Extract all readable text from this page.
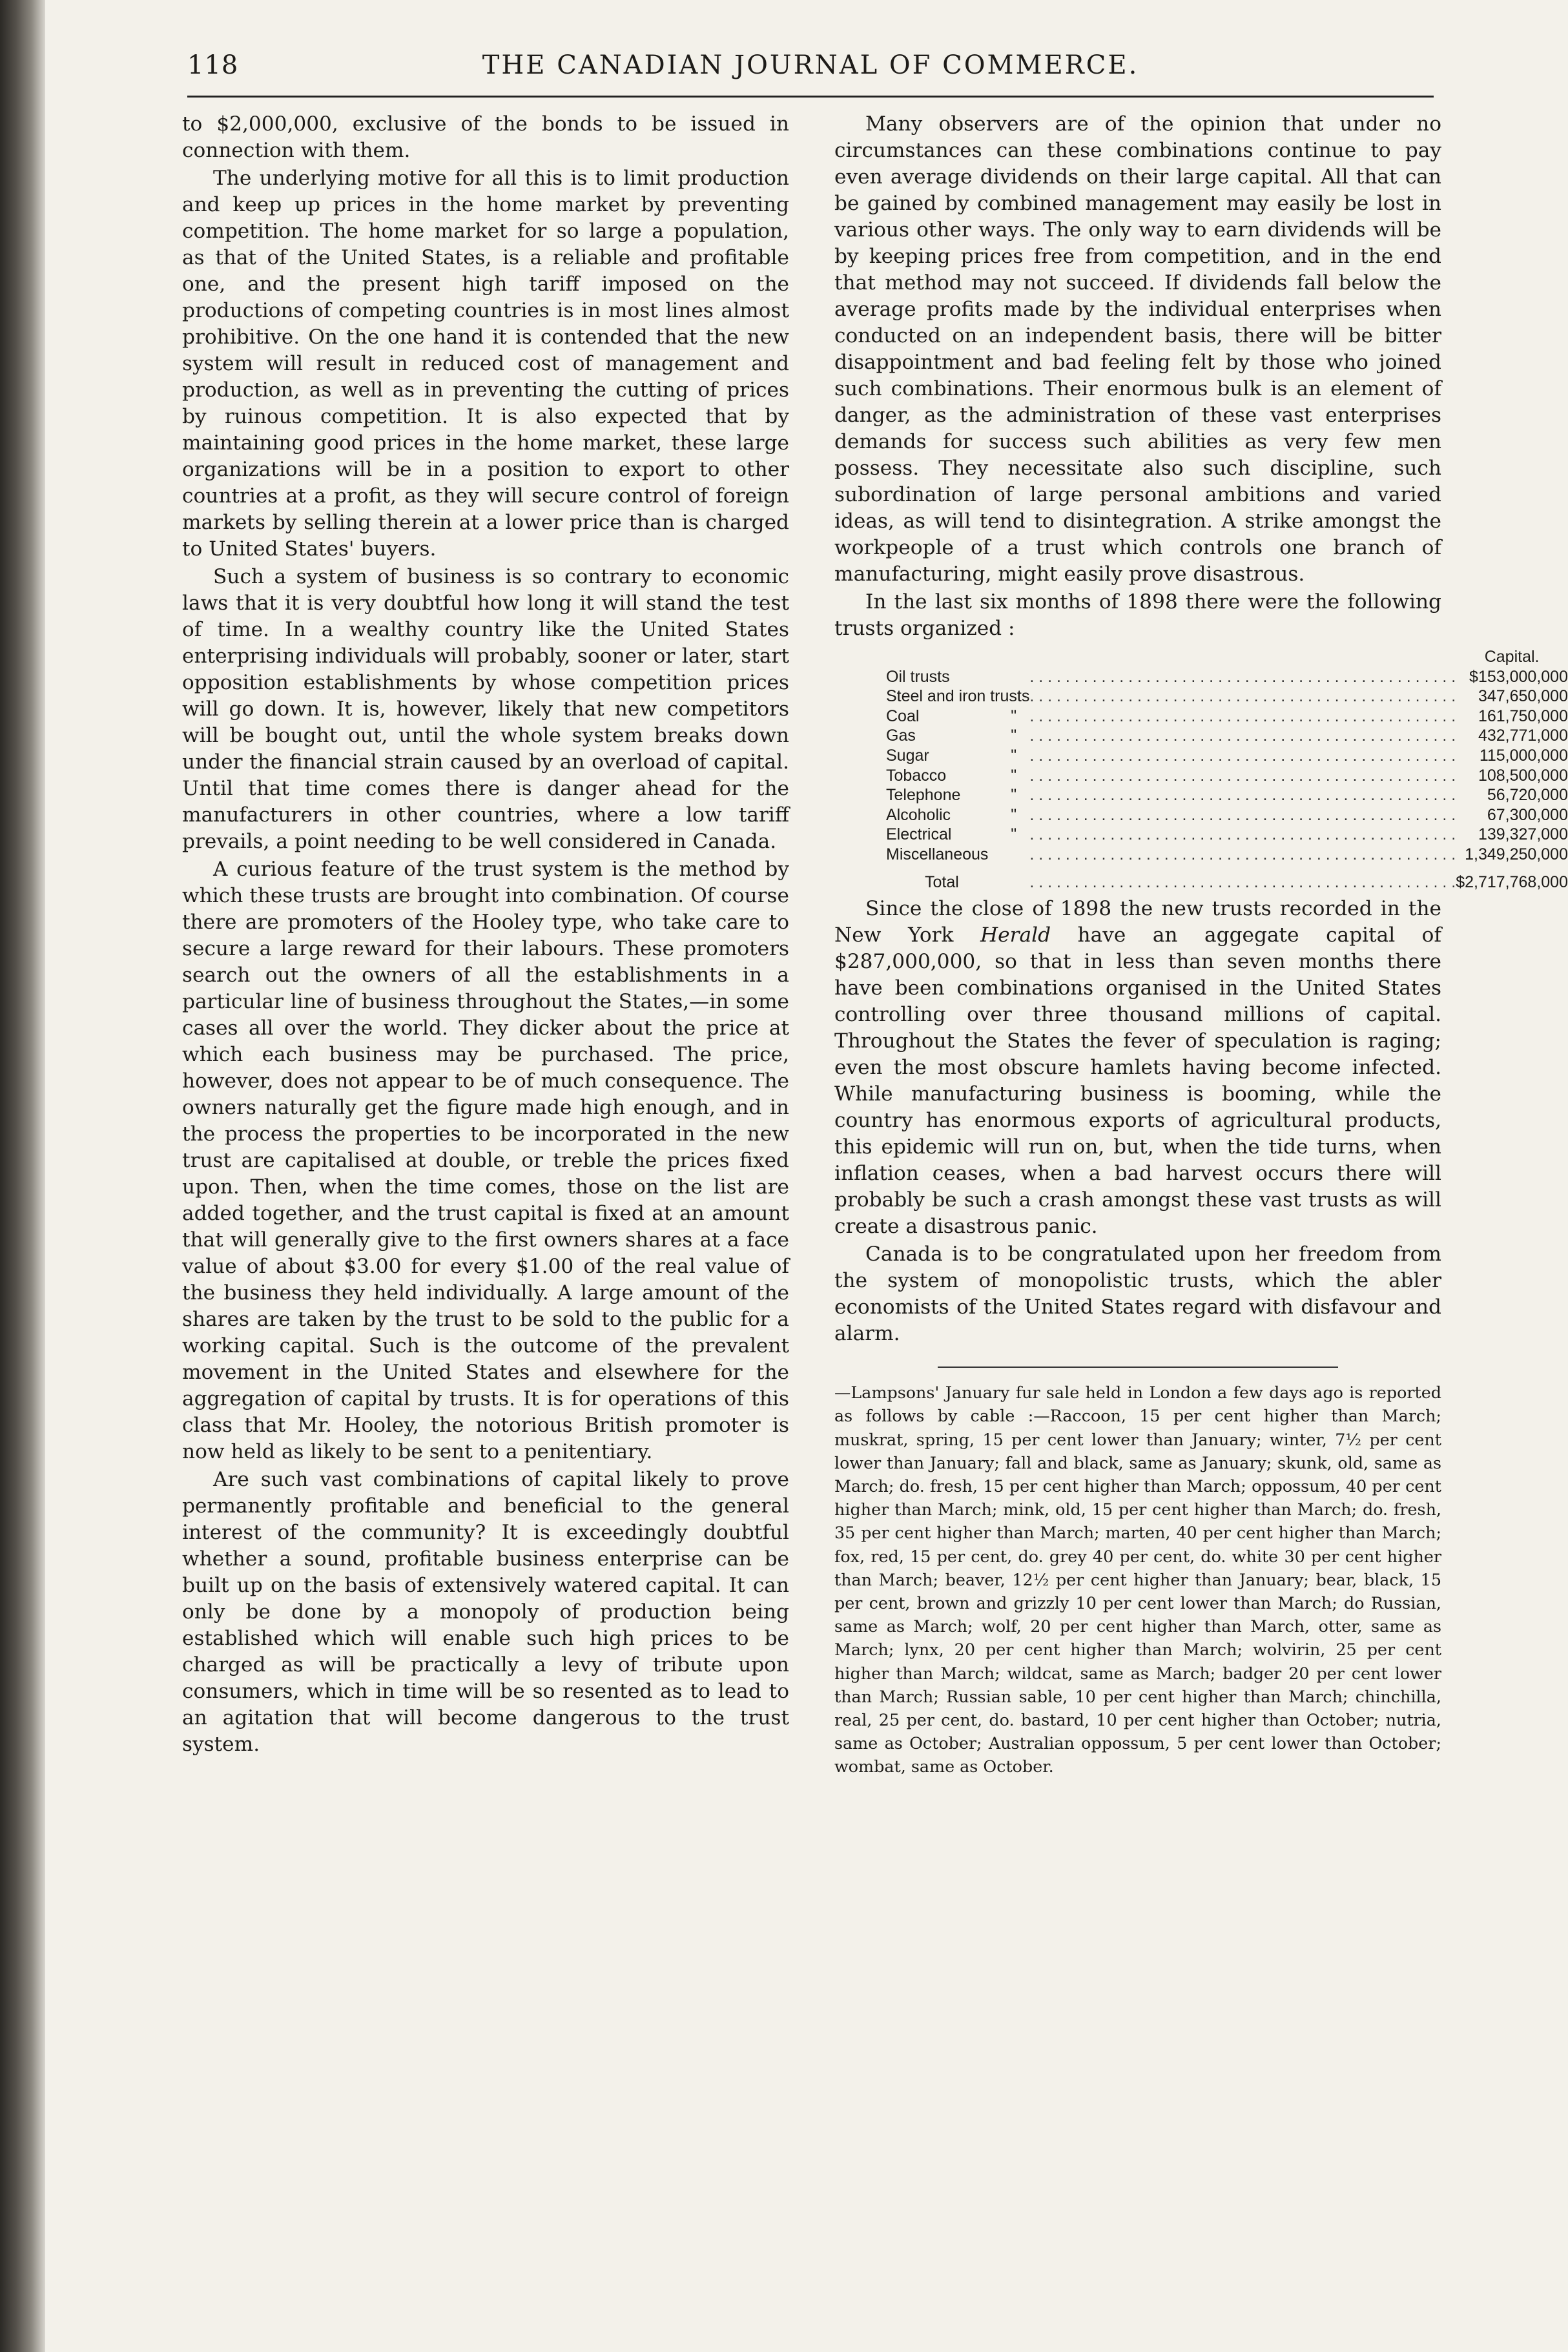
118	THE CANADIAN JOURNAL OF COMMERCE.

to $2,000,000, exclusive of the bonds to be issued in connection with them.

The underlying motive for all this is to limit production and keep up prices in the home market by preventing competition. The home market for so large a population, as that of the United States, is a reliable and profitable one, and the present high tariff imposed on the productions of competing countries is in most lines almost prohibitive. On the one hand it is contended that the new system will result in reduced cost of management and production, as well as in preventing the cutting of prices by ruinous competition. It is also expected that by maintaining good prices in the home market, these large organizations will be in a position to export to other countries at a profit, as they will secure control of foreign markets by selling therein at a lower price than is charged to United States' buyers.

Such a system of business is so contrary to economic laws that it is very doubtful how long it will stand the test of time. In a wealthy country like the United States enterprising individuals will probably, sooner or later, start opposition establishments by whose competition prices will go down. It is, however, likely that new competitors will be bought out, until the whole system breaks down under the financial strain caused by an overload of capital. Until that time comes there is danger ahead for the manufacturers in other countries, where a low tariff prevails, a point needing to be well considered in Canada.

A curious feature of the trust system is the method by which these trusts are brought into combination. Of course there are promoters of the Hooley type, who take care to secure a large reward for their labours. These promoters search out the owners of all the establishments in a particular line of business throughout the States,—in some cases all over the world. They dicker about the price at which each business may be purchased. The price, however, does not appear to be of much consequence. The owners naturally get the figure made high enough, and in the process the properties to be incorporated in the new trust are capitalised at double, or treble the prices fixed upon. Then, when the time comes, those on the list are added together, and the trust capital is fixed at an amount that will generally give to the first owners shares at a face value of about $3.00 for every $1.00 of the real value of the business they held individually. A large amount of the shares are taken by the trust to be sold to the public for a working capital. Such is the outcome of the prevalent movement in the United States and elsewhere for the aggregation of capital by trusts. It is for operations of this class that Mr. Hooley, the notorious British promoter is now held as likely to be sent to a penitentiary.

Are such vast combinations of capital likely to prove permanently profitable and beneficial to the general interest of the community? It is exceedingly doubtful whether a sound, profitable business enterprise can be built up on the basis of extensively watered capital. It can only be done by a monopoly of production being established which will enable such high prices to be charged as will be practically a levy of tribute upon consumers, which in time will be so resented as to lead to an agitation that will become dangerous to the trust system.

Many observers are of the opinion that under no circumstances can these combinations continue to pay even average dividends on their large capital. All that can be gained by combined management may easily be lost in various other ways. The only way to earn dividends will be by keeping prices free from competition, and in the end that method may not succeed. If dividends fall below the average profits made by the individual enterprises when conducted on an independent basis, there will be bitter disappointment and bad feeling felt by those who joined such combinations. Their enormous bulk is an element of danger, as the administration of these vast enterprises demands for success such abilities as very few men possess. They necessitate also such discipline, such subordination of large personal ambitions and varied ideas, as will tend to disintegration. A strike amongst the workpeople of a trust which controls one branch of manufacturing, might easily prove disastrous.

In the last six months of 1898 there were the following trusts organized :

			Capital.
Oil trusts		. . . . . . . . . . . . . . . . . . . . . . . . . . . . . . . . . . . . . . . . . . . . . . . .	$153,000,000
Steel and iron trusts		. . . . . . . . . . . . . . . . . . . . . . . . . . . . . . . . . . . . . . . . . . . . . . . .	347,650,000
Coal	"	. . . . . . . . . . . . . . . . . . . . . . . . . . . . . . . . . . . . . . . . . . . . . . . .	161,750,000
Gas	"	. . . . . . . . . . . . . . . . . . . . . . . . . . . . . . . . . . . . . . . . . . . . . . . .	432,771,000
Sugar	"	. . . . . . . . . . . . . . . . . . . . . . . . . . . . . . . . . . . . . . . . . . . . . . . .	115,000,000
Tobacco	"	. . . . . . . . . . . . . . . . . . . . . . . . . . . . . . . . . . . . . . . . . . . . . . . .	108,500,000
Telephone	"	. . . . . . . . . . . . . . . . . . . . . . . . . . . . . . . . . . . . . . . . . . . . . . . .	56,720,000
Alcoholic	"	. . . . . . . . . . . . . . . . . . . . . . . . . . . . . . . . . . . . . . . . . . . . . . . .	67,300,000
Electrical	"	. . . . . . . . . . . . . . . . . . . . . . . . . . . . . . . . . . . . . . . . . . . . . . . .	139,327,000
Miscellaneous		. . . . . . . . . . . . . . . . . . . . . . . . . . . . . . . . . . . . . . . . . . . . . . . .	1,349,250,000
Total		. . . . . . . . . . . . . . . . . . . . . . . . . . . . . . . . . . . . . . . . . . . . . . . .	$2,717,768,000

Since the close of 1898 the new trusts recorded in the New York Herald have an aggegate capital of $287,000,000, so that in less than seven months there have been combinations organised in the United States controlling over three thousand millions of capital. Throughout the States the fever of speculation is raging; even the most obscure hamlets having become infected. While manufacturing business is booming, while the country has enormous exports of agricultural products, this epidemic will run on, but, when the tide turns, when inflation ceases, when a bad harvest occurs there will probably be such a crash amongst these vast trusts as will create a disastrous panic.

Canada is to be congratulated upon her freedom from the system of monopolistic trusts, which the abler economists of the United States regard with disfavour and alarm.

—Lampsons' January fur sale held in London a few days ago is reported as follows by cable :—Raccoon, 15 per cent higher than March; muskrat, spring, 15 per cent lower than January; winter, 7½ per cent lower than January; fall and black, same as January; skunk, old, same as March; do. fresh, 15 per cent higher than March; oppossum, 40 per cent higher than March; mink, old, 15 per cent higher than March; do. fresh, 35 per cent higher than March; marten, 40 per cent higher than March; fox, red, 15 per cent, do. grey 40 per cent, do. white 30 per cent higher than March; beaver, 12½ per cent higher than January; bear, black, 15 per cent, brown and grizzly 10 per cent lower than March; do Russian, same as March; wolf, 20 per cent higher than March, otter, same as March; lynx, 20 per cent higher than March; wolvirin, 25 per cent higher than March; wildcat, same as March; badger 20 per cent lower than March; Russian sable, 10 per cent higher than March; chinchilla, real, 25 per cent, do. bastard, 10 per cent higher than October; nutria, same as October; Australian oppossum, 5 per cent lower than October; wombat, same as October.
